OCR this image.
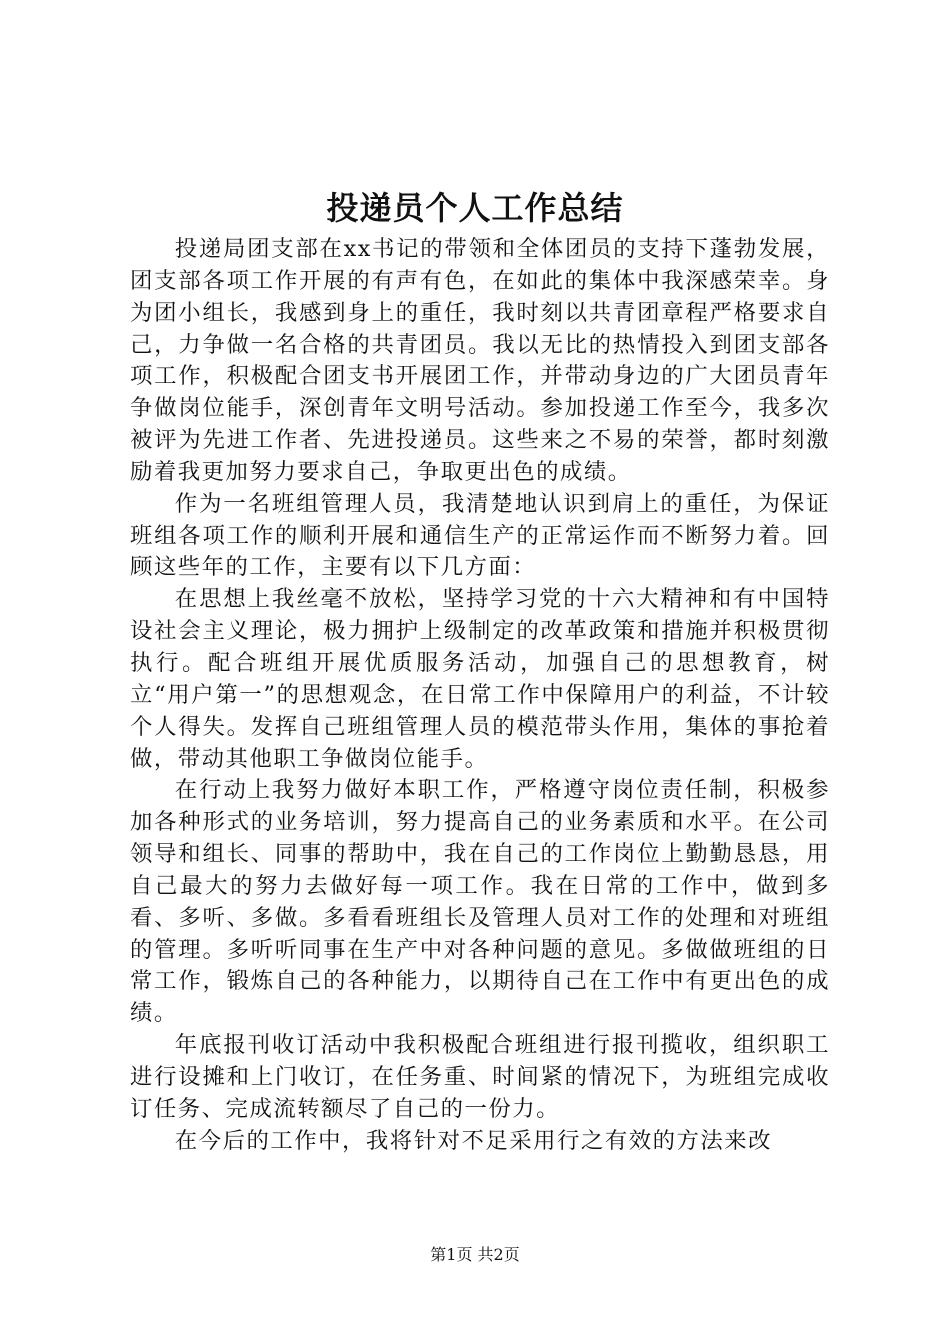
投递员个人工作总结

投递局团支部在xx书记的带领和全体团员的支持下蓬勃发展，团支部各项工作开展的有声有色，在如此的集体中我深感荣幸。身为团小组长，我感到身上的重任，我时刻以共青团章程严格要求自己，力争做一名合格的共青团员。我以无比的热情投入到团支部各项工作，积极配合团支书开展团工作，并带动身边的广大团员青年争做岗位能手，深创青年文明号活动。参加投递工作至今，我多次被评为先进工作者、先进投递员。这些来之不易的荣誉，都时刻激励着我更加努力要求自己，争取更出色的成绩。

作为一名班组管理人员，我清楚地认识到肩上的重任，为保证班组各项工作的顺利开展和通信生产的正常运作而不断努力着。回顾这些年的工作，主要有以下几方面：

在思想上我丝毫不放松，坚持学习党的十六大精神和有中国特设社会主义理论，极力拥护上级制定的改革政策和措施并积极贯彻执行。配合班组开展优质服务活动，加强自己的思想教育，树立“用户第一”的思想观念，在日常工作中保障用户的利益，不计较个人得失。发挥自己班组管理人员的模范带头作用，集体的事抢着做，带动其他职工争做岗位能手。

在行动上我努力做好本职工作，严格遵守岗位责任制，积极参加各种形式的业务培训，努力提高自己的业务素质和水平。在公司领导和组长、同事的帮助中，我在自己的工作岗位上勤勤恳恳，用自己最大的努力去做好每一项工作。我在日常的工作中，做到多看、多听、多做。多看看班组长及管理人员对工作的处理和对班组的管理。多听听同事在生产中对各种问题的意见。多做做班组的日常工作，锻炼自己的各种能力，以期待自己在工作中有更出色的成绩。

年底报刊收订活动中我积极配合班组进行报刊揽收，组织职工进行设摊和上门收订，在任务重、时间紧的情况下，为班组完成收订任务、完成流转额尽了自己的一份力。

在今后的工作中，我将针对不足采用行之有效的方法来改

第1页 共2页
